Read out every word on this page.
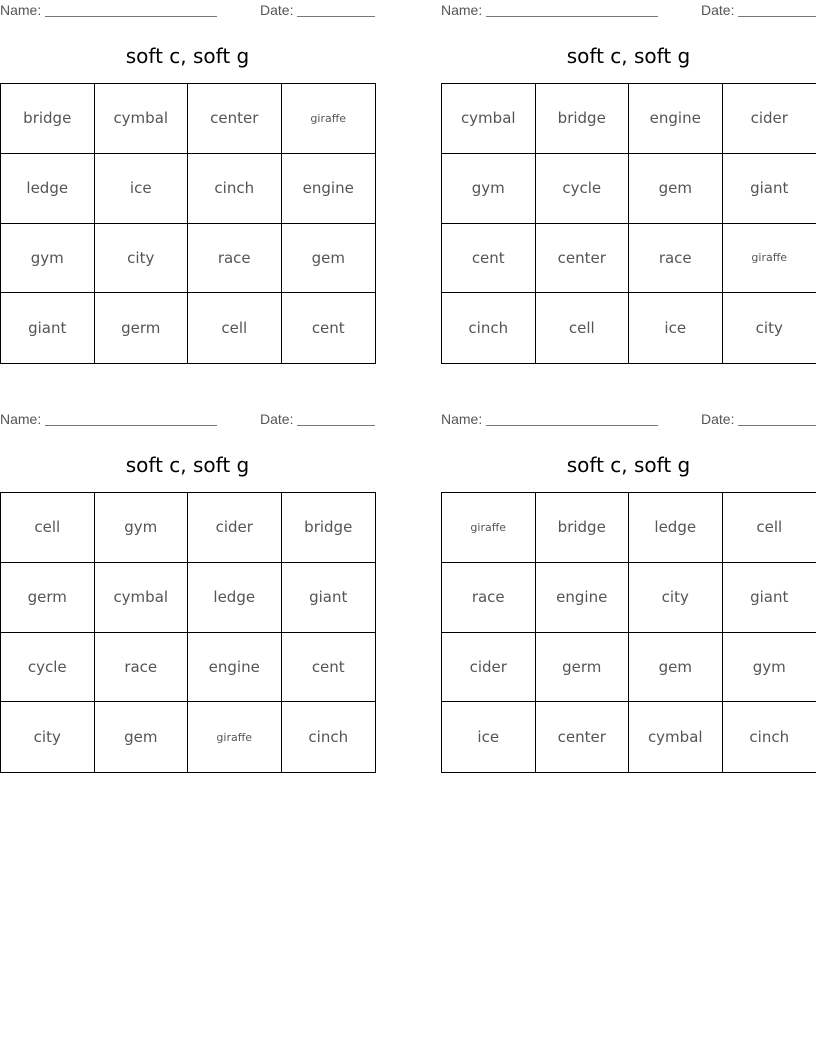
Name:	Date:
soft c, soft g
bridge	cymbal	center	giraffe
ledge	ice	cinch	engine
gym	city	race	gem
giant	germ	cell	cent
Name:	Date:
soft c, soft g
cymbal	bridge	engine	cider
gym	cycle	gem	giant
cent	center	race	giraffe
cinch	cell	ice	city
Name:	Date:
soft c, soft g
cell	gym	cider	bridge
germ	cymbal	ledge	giant
cycle	race	engine	cent
city	gem	giraffe	cinch
Name:	Date:
soft c, soft g
giraffe	bridge	ledge	cell
race	engine	city	giant
cider	germ	gem	gym
ice	center	cymbal	cinch
